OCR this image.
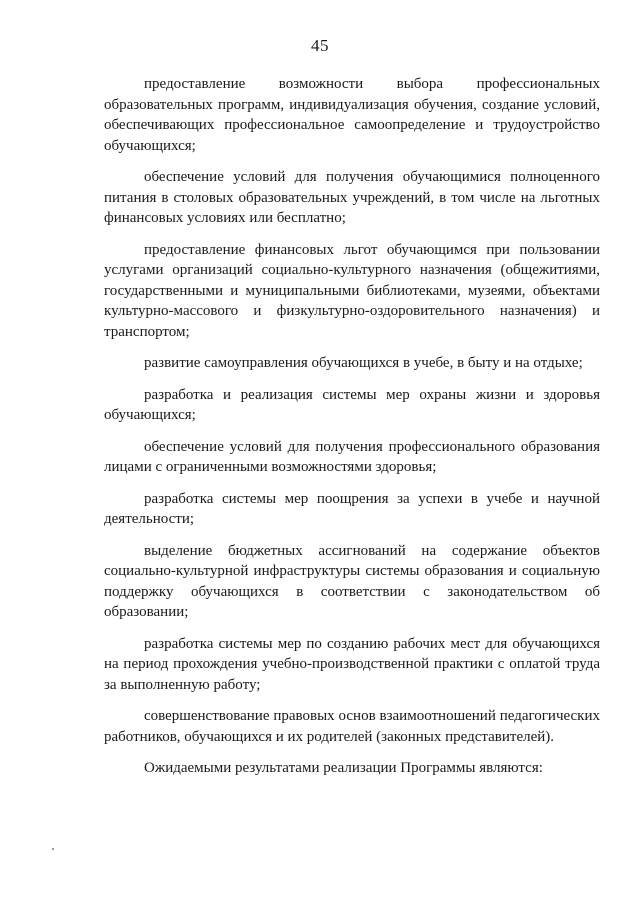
45

предоставление возможности выбора профессиональных образовательных программ, индивидуализация обучения, создание условий, обеспечивающих профессиональное самоопределение и трудоустройство обучающихся;

обеспечение условий для получения обучающимися полноценного питания в столовых образовательных учреждений, в том числе на льготных финансовых условиях или бесплатно;

предоставление финансовых льгот обучающимся при пользовании услугами организаций социально-культурного назначения (общежитиями, государственными и муниципальными библиотеками, музеями, объектами культурно-массового и физкультурно-оздоровительного назначения) и транспортом;

развитие самоуправления обучающихся в учебе, в быту и на отдыхе;

разработка и реализация системы мер охраны жизни и здоровья обучающихся;

обеспечение условий для получения профессионального образования лицами с ограниченными возможностями здоровья;

разработка системы мер поощрения за успехи в учебе и научной деятельности;

выделение бюджетных ассигнований на содержание объектов социально-культурной инфраструктуры системы образования и социальную поддержку обучающихся в соответствии с законодательством об образовании;

разработка системы мер по созданию рабочих мест для обучающихся на период прохождения учебно-производственной практики с оплатой труда за выполненную работу;

совершенствование правовых основ взаимоотношений педагогических работников, обучающихся и их родителей (законных представителей).

Ожидаемыми результатами реализации Программы являются:
